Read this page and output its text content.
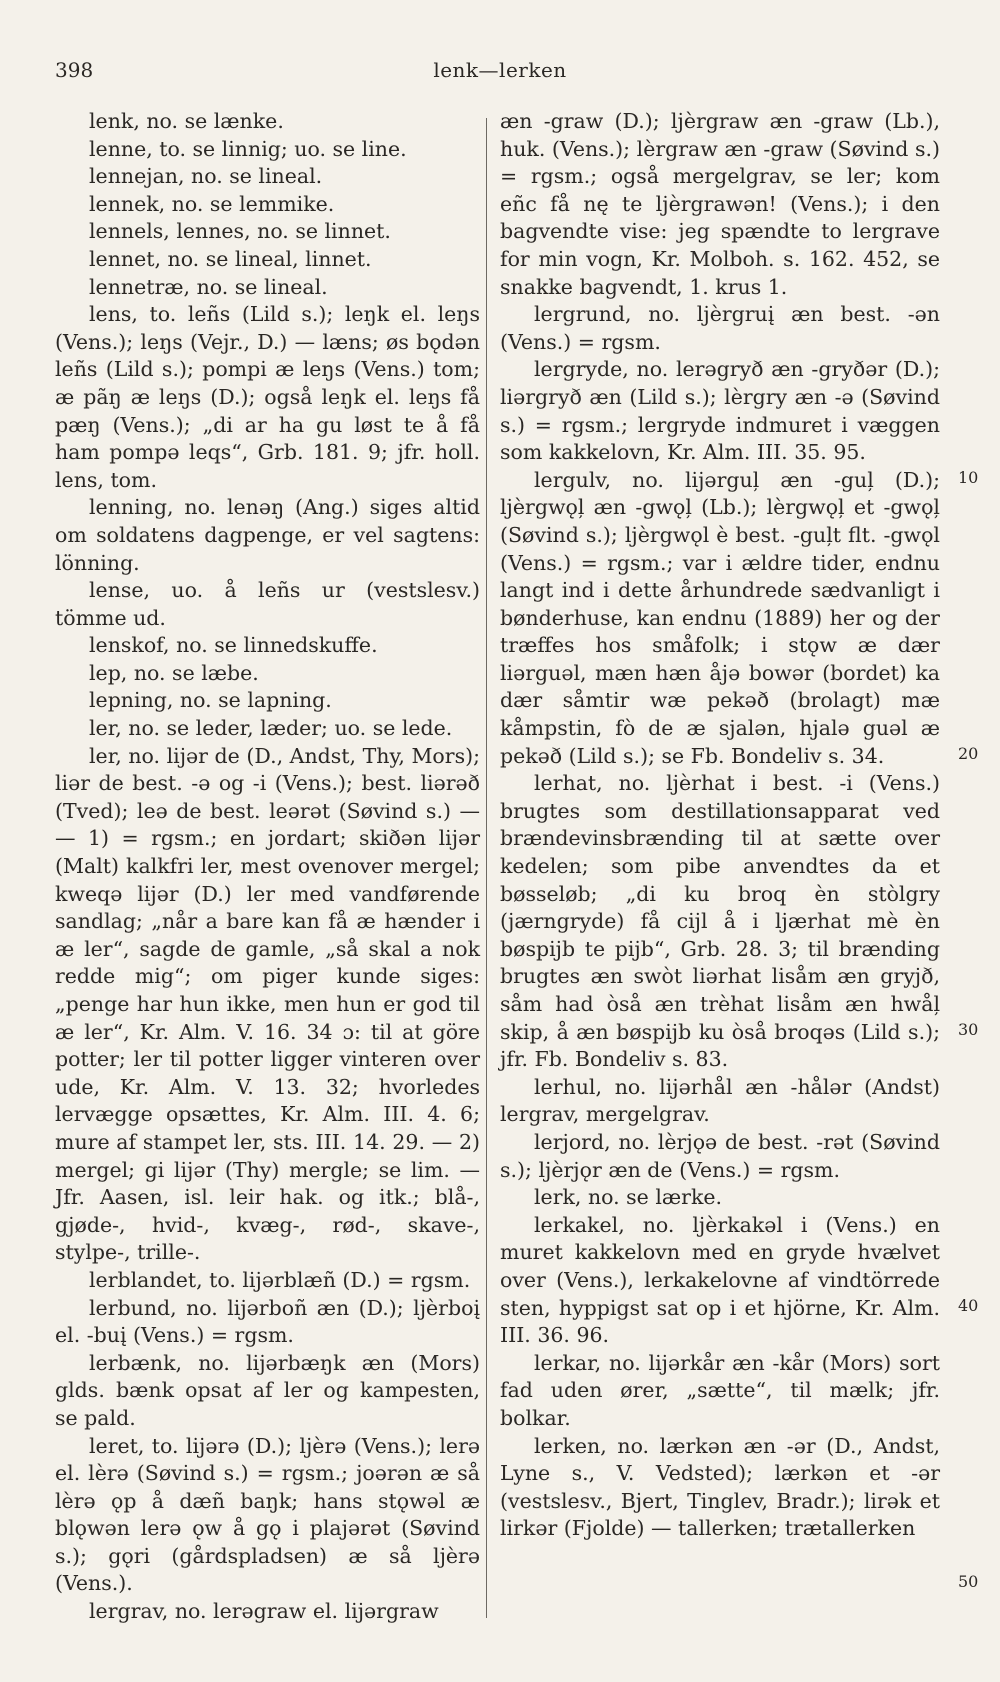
398	lenk—lerken

lenk, no. se lænke.

lenne, to. se linnig; uo. se line.

lennejan, no. se lineal.

lennek, no. se lemmike.

lennels, lennes, no. se linnet.

lennet, no. se lineal, linnet.

lennetræ, no. se lineal.

lens, to. leñs (Lild s.); leŋk el. leŋs (Vens.); leŋs (Vejr., D.) — læns; øs bǫdən leñs (Lild s.); pompi æ leŋs (Vens.) tom; æ pãŋ æ leŋs (D.); også leŋk el. leŋs få pæŋ (Vens.); „di ar ha gu løst te å få ham pompə leqs“, Grb. 181. 9; jfr. holl. lens, tom.

lenning, no. lenəŋ (Ang.) siges altid om soldatens dagpenge, er vel sagtens: lönning.

lense, uo. å leñs ur (vestslesv.) tömme ud.

lenskof, no. se linnedskuffe.

lep, no. se læbe.

lepning, no. se lapning.

ler, no. se leder, læder; uo. se lede.

ler, no. lijər de (D., Andst, Thy, Mors); liər de best. -ə og -i (Vens.); best. liərəð (Tved); leə de best. leərət (Søvind s.) — — 1) = rgsm.; en jordart; skiðən lijər (Malt) kalkfri ler, mest ovenover mergel; kweqə lijər (D.) ler med vandførende sandlag; „når a bare kan få æ hænder i æ ler“, sagde de gamle, „så skal a nok redde mig“; om piger kunde siges: „penge har hun ikke, men hun er god til æ ler“, Kr. Alm. V. 16. 34 ɔ: til at göre potter; ler til potter ligger vinteren over ude, Kr. Alm. V. 13. 32; hvorledes lervægge opsættes, Kr. Alm. III. 4. 6; mure af stampet ler, sts. III. 14. 29. — 2) mergel; gi lijər (Thy) mergle; se lim. — Jfr. Aasen, isl. leir hak. og itk.; blå-, gjøde-, hvid-, kvæg-, rød-, skave-, stylpe-, trille-.

lerblandet, to. lijərblæñ (D.) = rgsm.

lerbund, no. lijərboñ æn (D.); ljèrboį el. -buį (Vens.) = rgsm.

lerbænk, no. lijərbæŋk æn (Mors) glds. bænk opsat af ler og kampesten, se pald.

leret, to. lijərə (D.); ljèrə (Vens.); lerə el. lèrə (Søvind s.) = rgsm.; joərən æ så lèrə ǫp å dæñ baŋk; hans stǫwəl æ blǫwən lerə ǫw å gǫ i plajərət (Søvind s.); gǫri (gårdspladsen) æ så ljèrə (Vens.).

lergrav, no. lerəgraw el. lijərgraw

10
20
30
40
50

æn -graw (D.); ljèrgraw æn -graw (Lb.), huk. (Vens.); lèrgraw æn -graw (Søvind s.) = rgsm.; også mergelgrav, se ler; kom eñc få nę te ljèrgrawən! (Vens.); i den bagvendte vise: jeg spændte to lergrave for min vogn, Kr. Molboh. s. 162. 452, se snakke bagvendt, 1. krus 1.

lergrund, no. ljèrgruį æn best. -ən (Vens.) = rgsm.

lergryde, no. lerəgryð æn -gryðər (D.); liərgryð æn (Lild s.); lèrgry æn -ə (Søvind s.) = rgsm.; lergryde indmuret i væggen som kakkelovn, Kr. Alm. III. 35. 95.

lergulv, no. lijərguļ æn -guļ (D.); ljèrgwǫļ æn -gwǫļ (Lb.); lèrgwǫļ et -gwǫļ (Søvind s.); ljèrgwǫl è best. -guļt flt. -gwǫl (Vens.) = rgsm.; var i ældre tider, endnu langt ind i dette århundrede sædvanligt i bønderhuse, kan endnu (1889) her og der træffes hos småfolk; i stǫw æ dær liərguəl, mæn hæn åjə bowər (bordet) ka dær såmtir wæ pekəð (brolagt) mæ kåmpstin, fò de æ sjalən, hjalə guəl æ pekəð (Lild s.); se Fb. Bondeliv s. 34.

lerhat, no. ljèrhat i best. -i (Vens.) brugtes som destillationsapparat ved brændevinsbrænding til at sætte over kedelen; som pibe anvendtes da et bøsseløb; „di ku broq èn stòlgry (jærngryde) få cijl å i ljærhat mè èn bøspijb te pijb“, Grb. 28. 3; til brænding brugtes æn swòt liərhat lisåm æn gryjð, såm had òså æn trèhat lisåm æn hwåļ skip, å æn bøspijb ku òså broqəs (Lild s.); jfr. Fb. Bondeliv s. 83.

lerhul, no. lijərhål æn -hålər (Andst) lergrav, mergelgrav.

lerjord, no. lèrjǫə de best. -rət (Søvind s.); ljèrjǫr æn de (Vens.) = rgsm.

lerk, no. se lærke.

lerkakel, no. ljèrkakəl i (Vens.) en muret kakkelovn med en gryde hvælvet over (Vens.), lerkakelovne af vindtörrede sten, hyppigst sat op i et hjörne, Kr. Alm. III. 36. 96.

lerkar, no. lijərkår æn -kår (Mors) sort fad uden ører, „sætte“, til mælk; jfr. bolkar.

lerken, no. lærkən æn -ər (D., Andst, Lyne s., V. Vedsted); lærkən et -ər (vestslesv., Bjert, Tinglev, Bradr.); lirək et lirkər (Fjolde) — tallerken; trætallerken
